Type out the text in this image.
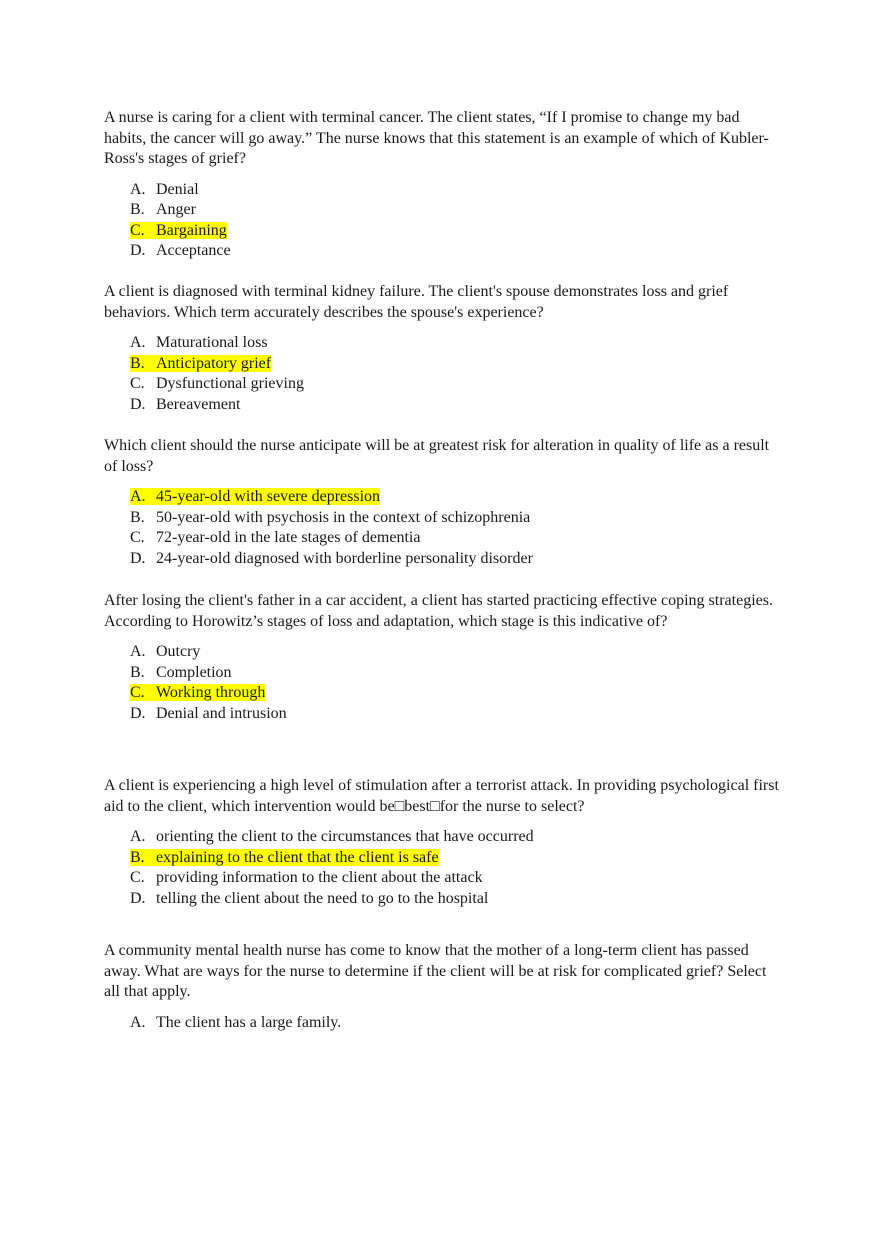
A nurse is caring for a client with terminal cancer. The client states, “If I promise to change my bad habits, the cancer will go away.” The nurse knows that this statement is an example of which of Kubler-Ross's stages of grief?

A. Denial
B. Anger
C. Bargaining
D. Acceptance

A client is diagnosed with terminal kidney failure. The client's spouse demonstrates loss and grief behaviors. Which term accurately describes the spouse's experience?

A. Maturational loss
B. Anticipatory grief
C. Dysfunctional grieving
D. Bereavement

Which client should the nurse anticipate will be at greatest risk for alteration in quality of life as a result of loss?

A. 45-year-old with severe depression
B. 50-year-old with psychosis in the context of schizophrenia
C. 72-year-old in the late stages of dementia
D. 24-year-old diagnosed with borderline personality disorder

After losing the client's father in a car accident, a client has started practicing effective coping strategies. According to Horowitz’s stages of loss and adaptation, which stage is this indicative of?

A. Outcry
B. Completion
C. Working through
D. Denial and intrusion

A client is experiencing a high level of stimulation after a terrorist attack. In providing psychological first aid to the client, which intervention would be□best□for the nurse to select?

A. orienting the client to the circumstances that have occurred
B. explaining to the client that the client is safe
C. providing information to the client about the attack
D. telling the client about the need to go to the hospital

A community mental health nurse has come to know that the mother of a long-term client has passed away. What are ways for the nurse to determine if the client will be at risk for complicated grief? Select all that apply.

A. The client has a large family.
